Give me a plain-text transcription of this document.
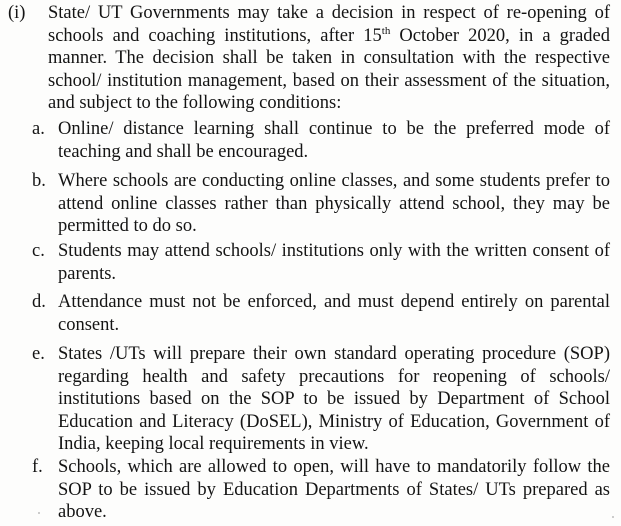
(i) State/ UT Governments may take a decision in respect of re-opening of schools and coaching institutions, after 15th October 2020, in a graded manner. The decision shall be taken in consultation with the respective school/ institution management, based on their assessment of the situation, and subject to the following conditions:
a. Online/ distance learning shall continue to be the preferred mode of teaching and shall be encouraged.
b. Where schools are conducting online classes, and some students prefer to attend online classes rather than physically attend school, they may be permitted to do so.
c. Students may attend schools/ institutions only with the written consent of parents.
d. Attendance must not be enforced, and must depend entirely on parental consent.
e. States /UTs will prepare their own standard operating procedure (SOP) regarding health and safety precautions for reopening of schools/ institutions based on the SOP to be issued by Department of School Education and Literacy (DoSEL), Ministry of Education, Government of India, keeping local requirements in view.
f. Schools, which are allowed to open, will have to mandatorily follow the SOP to be issued by Education Departments of States/ UTs prepared as above.
